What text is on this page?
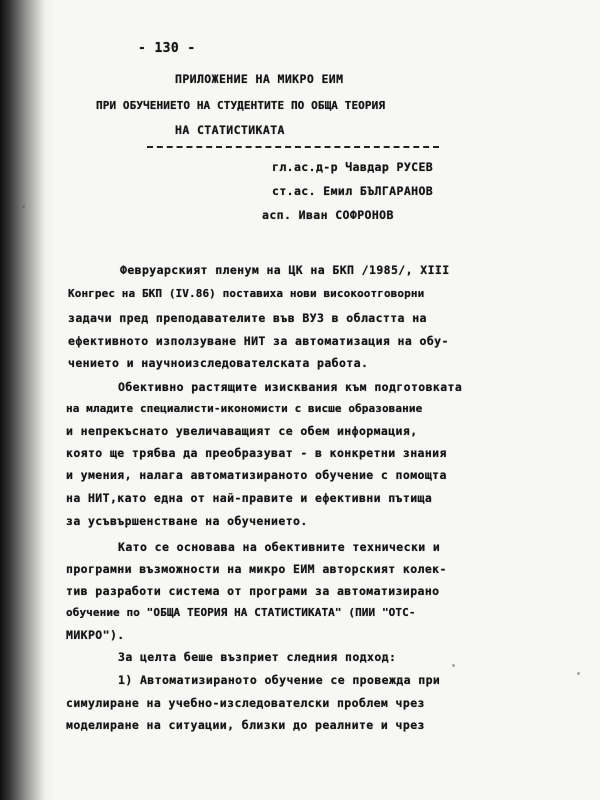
- 130 -
ПРИЛОЖЕНИЕ НА МИКРО ЕИМ
ПРИ ОБУЧЕНИЕТО НА СТУДЕНТИТЕ ПО ОБЩА ТЕОРИЯ
НА СТАТИСТИКАТА
гл.ас.д-р Чавдар РУСЕВ
ст.ас. Емил БЪЛГАРАНОВ
асп. Иван СОФРОНОВ
Февруарският пленум на ЦК на БКП /1985/, XIII
Конгрес на БКП (IV.86) поставиха нови високоотговорни
задачи пред преподавателите във ВУЗ в областта на
ефективното използуване НИТ за автоматизация на обу-
чението и научноизследователската работа.
Обективно растящите изисквания към подготовката
на младите специалисти-икономисти с висше образование
и непрекъснато увеличаващият се обем информация,
която ще трябва да преобразуват - в конкретни знания
и умения, налага автоматизираното обучение с помощта
на НИТ,като една от най-правите и ефективни пътища
за усъвършенстване на обучението.
Като се основава на обективните технически и
програмни възможности на микро ЕИМ авторският колек-
тив разработи система от програми за автоматизирано
обучение по "ОБЩА ТЕОРИЯ НА СТАТИСТИКАТА" (ПИИ "ОТС-
МИКРО").
За целта беше възприет следния подход:
1) Автоматизираното обучение се провежда при
симулиране на учебно-изследователски проблем чрез
моделиране на ситуации, близки до реалните и чрез
